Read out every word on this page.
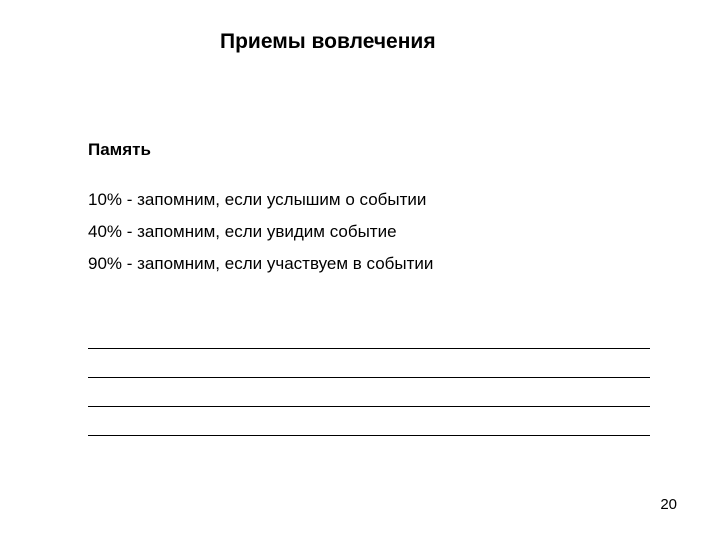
Приемы вовлечения
Память
10% - запомним, если услышим о событии
40% - запомним, если увидим событие
90% - запомним, если участвуем в событии
20
